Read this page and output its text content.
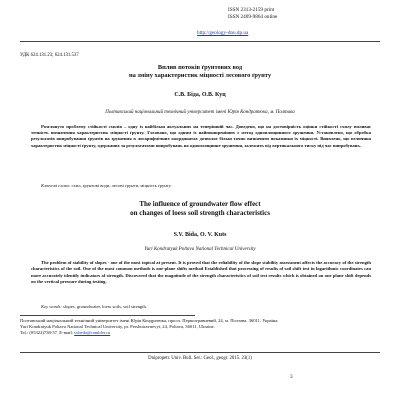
ISSN 2313-2159 print
ISSN 2409-9864 online
http://geology-dnu.dp.ua
УДК 624.131.23; 624.131.537
Вплив потоків ґрунтових вод
на зміну характеристик міцності лесового ґрунту
С.В. Біда, О.В. Куц
Полтавський національний технічний університет імені Юрія Кондратюка, м. Полтава
Розглянуто проблему стійкості схилів – одну із найбільш актуальних на теперішній час. Доведено, що на достовірність оцінки стійкості схилу впливає точність визначення характеристик міцності ґрунту. З'ясовано, що одним із найпоширеніших є метод одноплощинного зрушення. Установлено, що обробка результатів випробування ґрунтів на зрушення в логарифмічних координатах дозволяє більш точно визначити показники їх міцності. Виявлено, що величина характеристик міцності ґрунту, одержаних за результатами випробувань на одноплощинне зрушення, залежить від вертикального тиску під час випробувань.
Ключові слова: схил, ґрунтові води, лесові ґрунти, міцність ґрунту.
The influence of groundwater flow effect
on changes of loess soil strength characteristics
S.V. Bida, O. V. Kuts
Yuri Kondratyuk Poltava National Technical University
The problem of stability of slopes - one of the most topical at present. It is proved that the reliability of the slope stability assessment affects the accuracy of the strength characteristics of the soil. One of the most common methods is one-plane shifts method Established that processing of results of soil shift test in logarithmic coordinates can more accurately identify indicators of strength. Discovered that the magnitude of the strength characteristics of soil test results which is obtained on one plane shift depends on the vertical pressure during testing.
Key words: slopes, groundwater, loess soils, soil strength.
Полтавський національний технічний університет імені Юрія Кондратюка, просп. Першотравневий, 24, м. Полтава, 36011, Україна.
Yuri Kondratyuk Poltava National Technical University, pr. Pershotravnevyi, 24, Poltava, 36011, Ukraine.
Tel.: (05322)738-57. E-mail: svbeda@rambler.ru
Dnipropetr. Univ. Bull. Ser.: Geol., geogr. 2015. 23(1)
3
